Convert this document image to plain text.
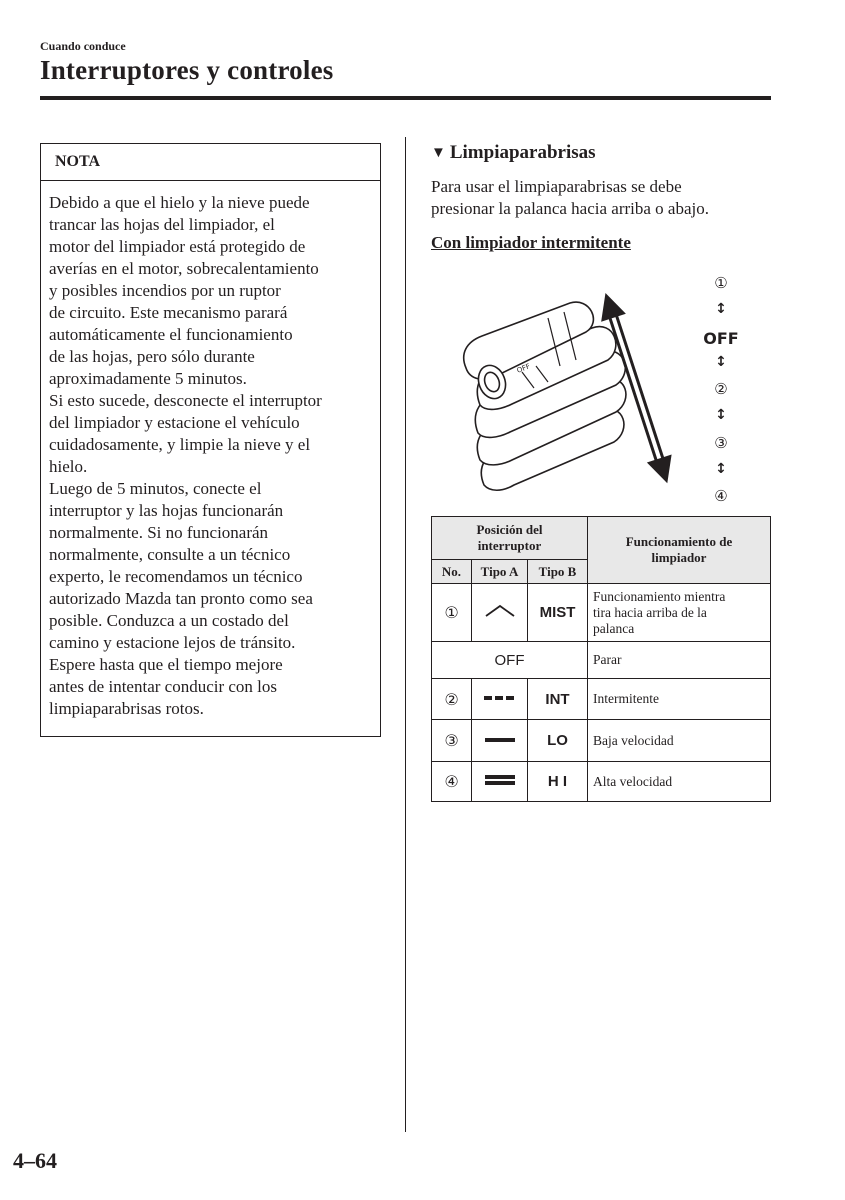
Cuando conduce
Interruptores y controles
NOTA

Debido a que el hielo y la nieve puede

trancar las hojas del limpiador, el

motor del limpiador está protegido de

averías en el motor, sobrecalentamiento

y posibles incendios por un ruptor

de circuito. Este mecanismo parará

automáticamente el funcionamiento

de las hojas, pero sólo durante

aproximadamente 5 minutos.

Si esto sucede, desconecte el interruptor

del limpiador y estacione el vehículo

cuidadosamente, y limpie la nieve y el

hielo.

Luego de 5 minutos, conecte el

interruptor y las hojas funcionarán

normalmente. Si no funcionarán

normalmente, consulte a un técnico

experto, le recomendamos un técnico

autorizado Mazda tan pronto como sea

posible. Conduzca a un costado del

camino y estacione lejos de tránsito.

Espere hasta que el tiempo mejore

antes de intentar conducir con los

limpiaparabrisas rotos.

▼ Limpiaparabrisas

Para usar el limpiaparabrisas se debe

presionar la palanca hacia arriba o abajo.

Con limpiador intermitente
OFF
①
↕
OFF
↕
②
↕
③
↕
④
Posición del interruptor			Funcionamiento de limpiador
No.	Tipo A	Tipo B	
①		MIST	Funcionamiento mientra
tira hacia arriba de la
palanca

OFF			Parar
②		INT	Intermitente
③		LO	Baja velocidad
④		H I	Alta velocidad
4–64
